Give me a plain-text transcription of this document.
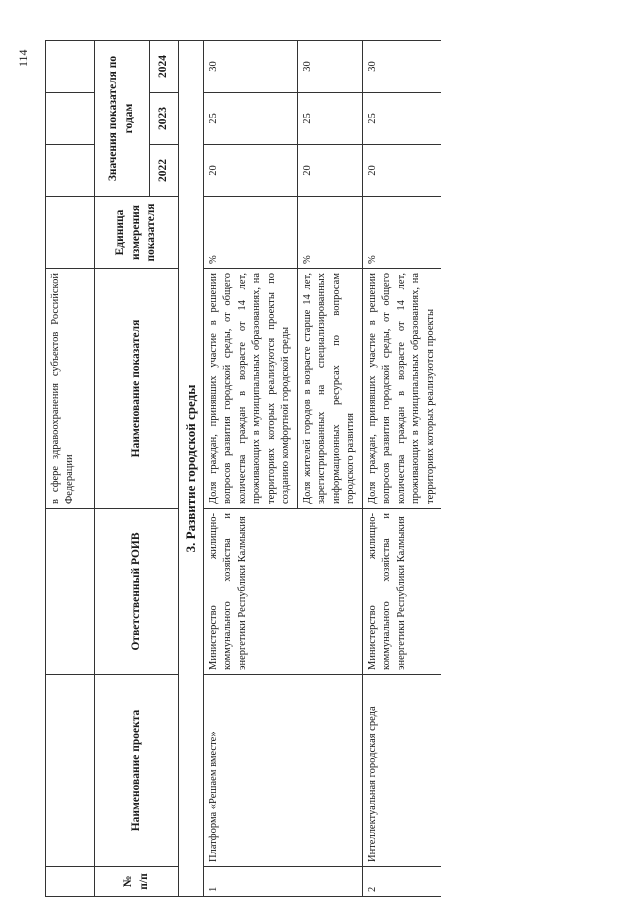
114
			в сфере здравоохранения субъектов Российской Федерации				
№ п/п	Наименование проекта	Ответственный РОИВ	Наименование показателя	Единица измерения показателя	Значения показателя по годам		
					2022	2023	2024
3. Развитие городской среды							
1	Платформа «Решаем вместе»	Министерство жилищно-коммунального хозяйства и энергетики Республики Калмыкия	Доля граждан, принявших участие в решении вопросов развития городской среды, от общего количества граждан в возрасте от 14 лет, проживающих в муниципальных образованиях, на территориях которых реализуются проекты по созданию комфортной городской среды	%	20	25	30
			Доля жителей городов в возрасте старше 14 лет, зарегистрированных на специализированных информационных ресурсах по вопросам городского развития	%	20	25	30
2	Интеллектуальная городская среда	Министерство жилищно-коммунального хозяйства и энергетики Республики Калмыкия	Доля граждан, принявших участие в решении вопросов развития городской среды, от общего количества граждан в возрасте от 14 лет, проживающих в муниципальных образованиях, на территориях которых реализуются проекты	%	20	25	30
